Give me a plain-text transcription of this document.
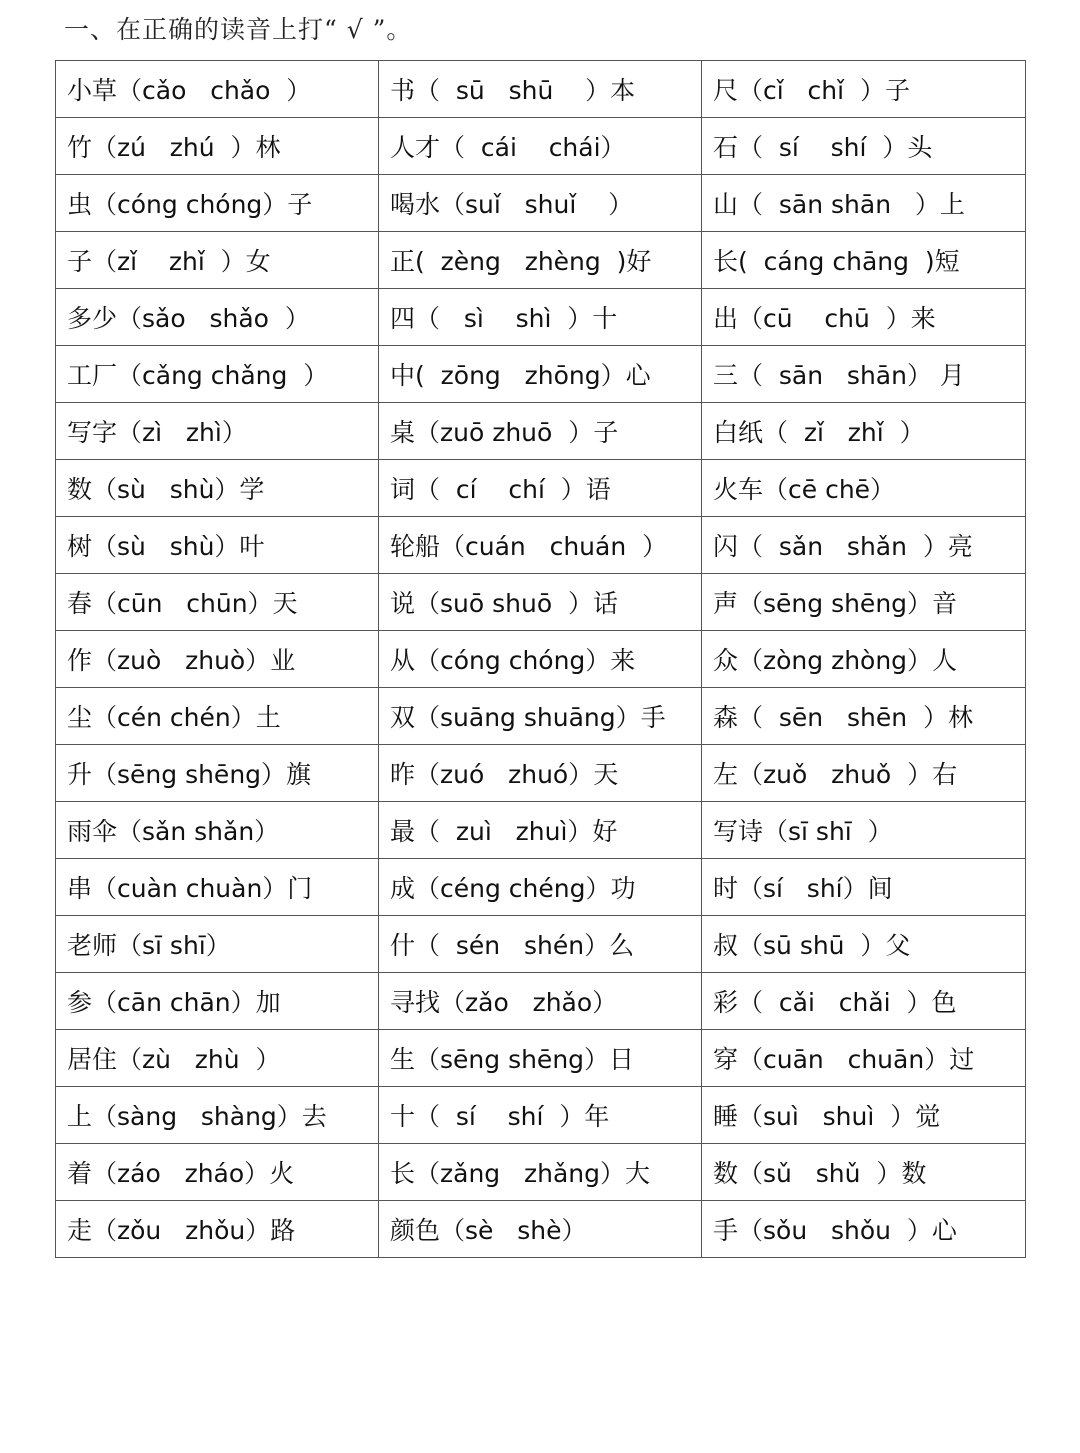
一、在正确的读音上打“ √ ”。
小草（cǎo   chǎo  ）	书（  sū   shū    ）本	尺（cǐ   chǐ  ）子
竹（zú   zhú  ）林	人才（  cái    chái）	石（  sí    shí  ）头
虫（cóng chóng）子	喝水（suǐ   shuǐ    ）	山（  sān shān   ）上
子（zǐ    zhǐ  ）女	正(  zèng   zhèng  )好	长(  cáng chāng  )短
多少（sǎo   shǎo  ）	四（   sì    shì  ）十	出（cū    chū  ）来
工厂（cǎng chǎng  ）	中(  zōng   zhōng）心	三（  sān   shān） 月
写字（zì   zhì）	桌（zuō zhuō  ）子	白纸（  zǐ   zhǐ  ）
数（sù   shù）学	词（  cí    chí  ）语	火车（cē chē）
树（sù   shù）叶	轮船（cuán   chuán  ）	闪（  sǎn   shǎn  ）亮
春（cūn   chūn）天	说（suō shuō  ）话	声（sēng shēng）音
作（zuò   zhuò）业	从（cóng chóng）来	众（zòng zhòng）人
尘（cén chén）土	双（suāng shuāng）手	森（  sēn   shēn  ）林
升（sēng shēng）旗	昨（zuó   zhuó）天	左（zuǒ   zhuǒ  ）右
雨伞（sǎn shǎn）	最（  zuì   zhuì）好	写诗（sī shī  ）
串（cuàn chuàn）门	成（céng chéng）功	时（sí   shí）间
老师（sī shī）	什（  sén   shén）么	叔（sū shū  ）父
参（cān chān）加	寻找（zǎo   zhǎo）	彩（  cǎi   chǎi  ）色
居住（zù   zhù  ）	生（sēng shēng）日	穿（cuān   chuān）过
上（sàng   shàng）去	十（  sí    shí  ）年	睡（suì   shuì  ）觉
着（záo   zháo）火	长（zǎng   zhǎng）大	数（sǔ   shǔ  ）数
走（zǒu   zhǒu）路	颜色（sè   shè）	手（sǒu   shǒu  ）心
